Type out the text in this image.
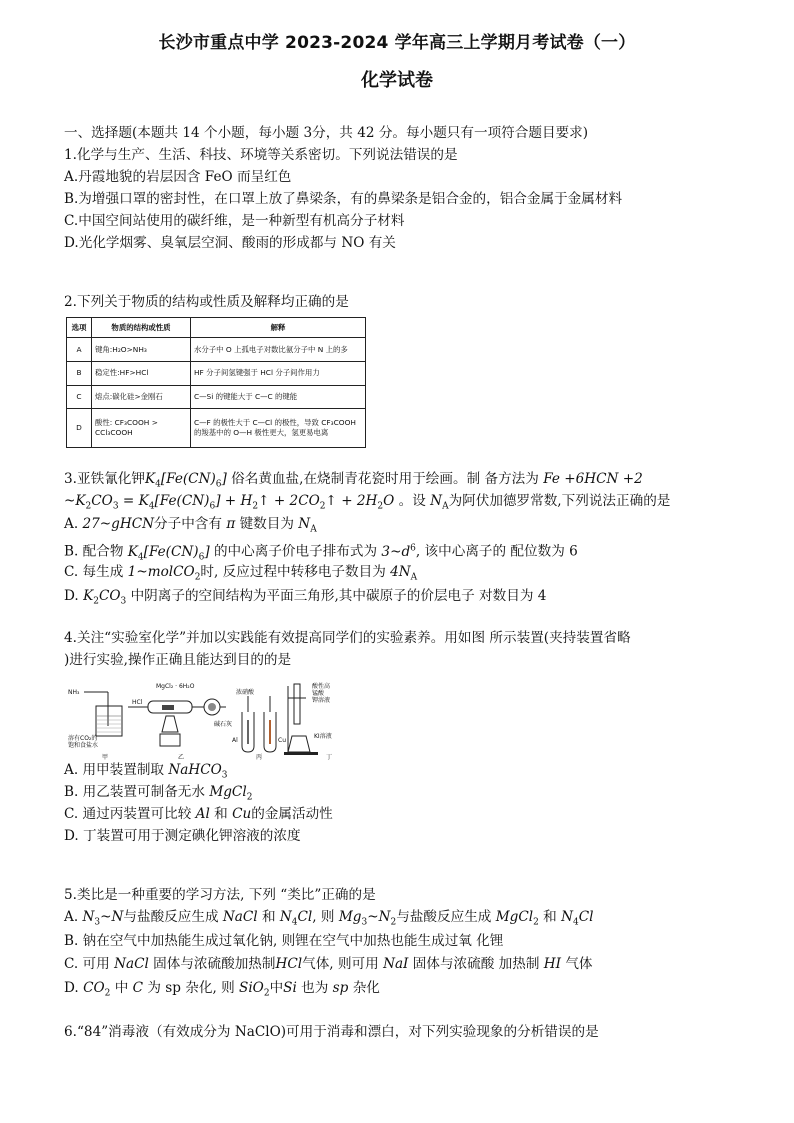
长沙市重点中学 2023-2024 学年高三上学期月考试卷（一）
化学试卷
一、选择题(本题共 14 个小题，每小题 3分，共 42 分。每小题只有一项符合题目要求)
1.化学与生产、生活、科技、环境等关系密切。下列说法错误的是
A.丹霞地貌的岩层因含 FeO 而呈红色
B.为增强口罩的密封性，在口罩上放了鼻梁条，有的鼻梁条是铝合金的，铝合金属于金属材料
C.中国空间站使用的碳纤维，是一种新型有机高分子材料
D.光化学烟雾、臭氧层空洞、酸雨的形成都与 NO 有关
2.下列关于物质的结构或性质及解释均正确的是
选项	物质的结构或性质	解释
A	键角:H₂O>NH₃	水分子中 O 上孤电子对数比氨分子中 N 上的多
B	稳定性:HF>HCl	HF 分子间氢键强于 HCl 分子间作用力
C	熔点:碳化硅>金刚石	C—Si 的键能大于 C—C 的键能
D	酸性: CF₃COOH > CCl₃COOH	C—F 的极性大于 C—Cl 的极性，导致 CF₃COOH 的羧基中的 O—H 极性更大，氢更易电离
3.亚铁氰化钾$K_4[Fe(CN)_6]$ 俗名黄血盐,在烧制青花瓷时用于绘画。制 备方法为 Fe +6HCN +2
$\sim K_2CO_3 = K_4[Fe(CN)_6]$ + $H_2↑$ + $2CO_2↑ + 2H_2O$ 。设 $N_A$为阿伏加德罗常数,下列说法正确的是
A. 27~gHCN分子中含有 π 键数目为 $N_A$
B. 配合物 $K_4[Fe(CN)_6]$ 的中心离子价电子排布式为 $3\sim d^6$, 该中心离子的 配位数为 6
C. 每生成 1~molCO$_2$时, 反应过程中转移电子数目为 $4N_A$
D. $K_2CO_3$ 中阴离子的空间结构为平面三角形,其中碳原子的价层电子 对数目为 4
4.关注“实验室化学”并加以实践能有效提高同学们的实验素养。用如图 所示装置(夹持装置省略
)进行实验,操作正确且能达到目的的是
NH₃
溶有CO₂的
饱和食盐水
甲
MgCl₂ · 6H₂O
HCl
碱石灰
乙
浓硝酸
Al	Cu
丙
酸性高
锰酸
钾溶液
KI溶液
丁
A. 用甲装置制取 NaHCO$_3$
B. 用乙装置可制备无水 MgCl$_2$
C. 通过丙装置可比较 Al 和 Cu的金属活动性
D. 丁装置可用于测定碘化钾溶液的浓度
5.类比是一种重要的学习方法, 下列 “类比”正确的是
A. $N_3\sim N$与盐酸反应生成 NaCl 和 $N_4Cl$, 则 $Mg_3\sim N_2$与盐酸反应生成 MgCl$_2$ 和 $N_4Cl$
B. 钠在空气中加热能生成过氧化钠, 则锂在空气中加热也能生成过氧 化锂
C. 可用 NaCl 固体与浓硫酸加热制HCl气体, 则可用 NaI 固体与浓硫酸 加热制 HI 气体
D. $CO_2$ 中 C 为 sp 杂化, 则 SiO$_2$中Si 也为 sp 杂化
6.“84”消毒液（有效成分为 NaClO)可用于消毒和漂白，对下列实验现象的分析错误的是
